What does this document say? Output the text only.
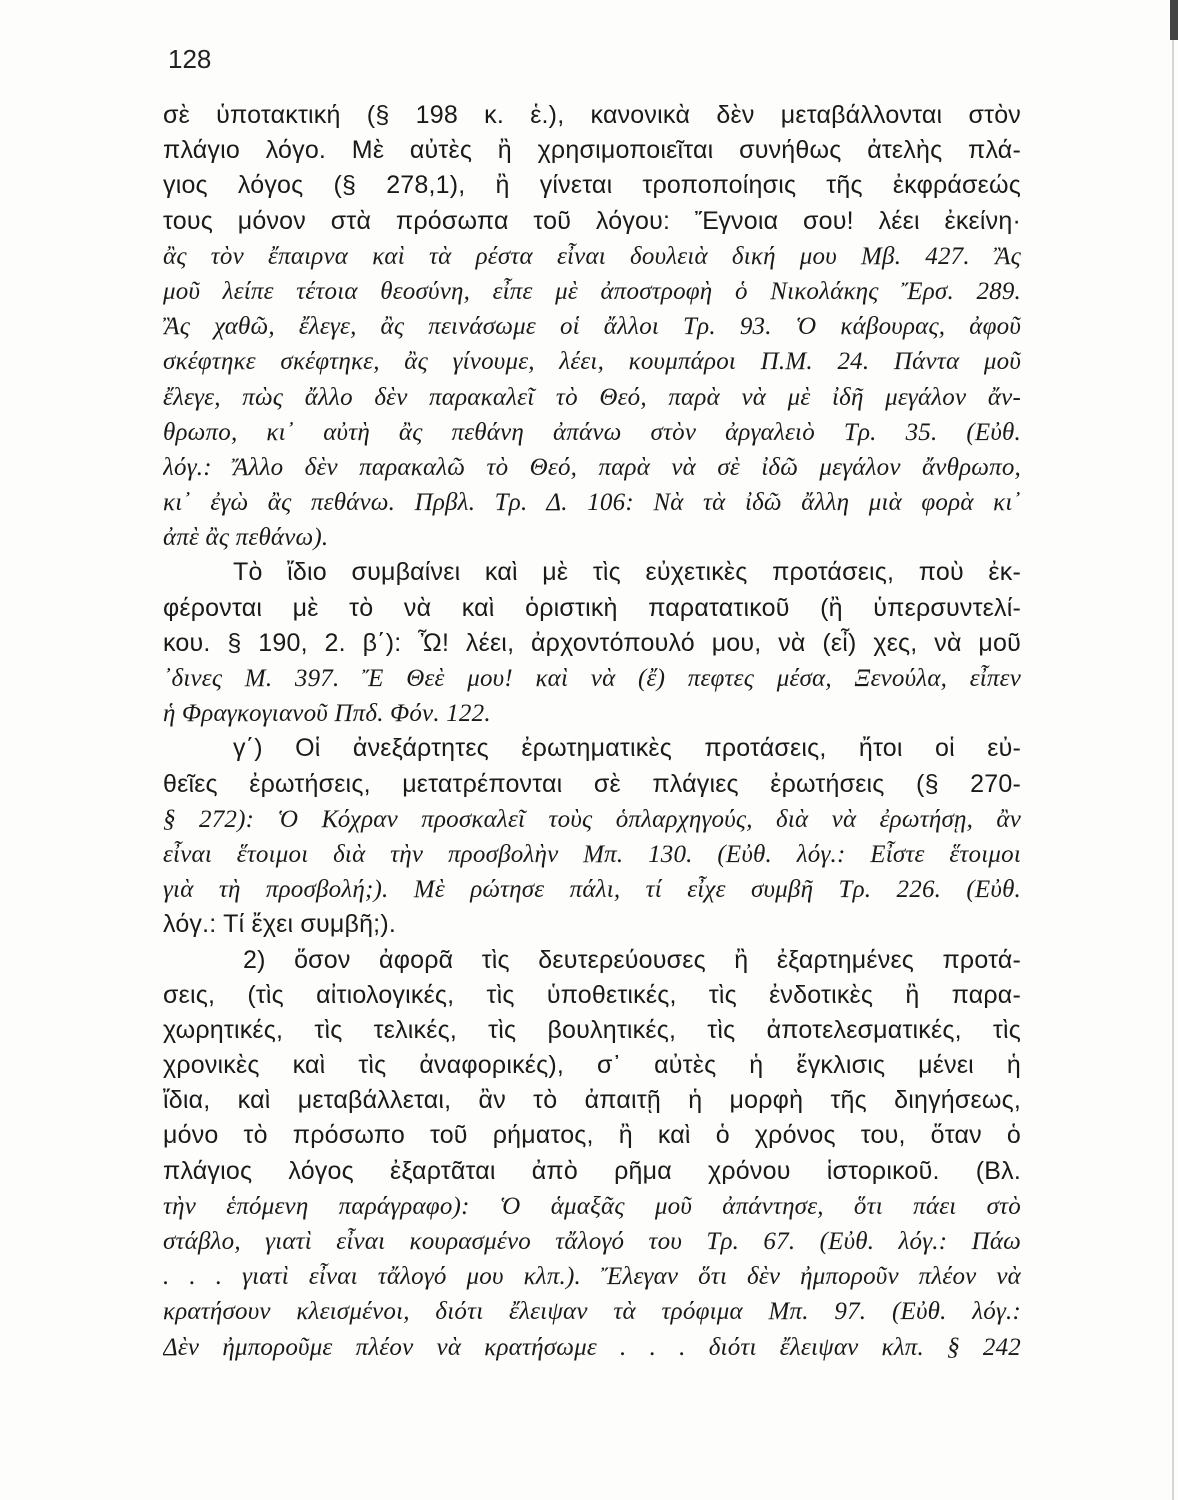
128
σὲ ὑποτακτική (§ 198 κ. ἑ.), κανονικὰ δὲν μεταβάλλονται στὸν
πλάγιο λόγο. Μὲ αὐτὲς ἢ χρησιμοποιεῖται συνήθως ἀτελὴς πλά-
γιος λόγος (§ 278,1), ἢ γίνεται τροποποίησις τῆς ἐκφράσεώς
τους μόνον στὰ πρόσωπα τοῦ λόγου: Ἔγνοια σου! λέει ἐκείνη·
ἂς τὸν ἔπαιρνα καὶ τὰ ρέστα εἶναι δουλειὰ δική μου Μβ. 427. Ἂς
μοῦ λείπε τέτοια θεοσύνη, εἶπε μὲ ἀποστροφὴ ὁ Νικολάκης Ἔρσ. 289.
Ἂς χαθῶ, ἔλεγε, ἂς πεινάσωμε οἱ ἄλλοι Τρ. 93. Ὁ κάβουρας, ἀφοῦ
σκέφτηκε σκέφτηκε, ἂς γίνουμε, λέει, κουμπάροι Π.Μ. 24. Πάντα μοῦ
ἔλεγε, πὼς ἄλλο δὲν παρακαλεῖ τὸ Θεό, παρὰ νὰ μὲ ἰδῆ μεγάλον ἄν-
θρωπο, κι᾿ αὐτὴ ἂς πεθάνη ἀπάνω στὸν ἀργαλειὸ Τρ. 35. (Εὐθ.
λόγ.: Ἄλλο δὲν παρακαλῶ τὸ Θεό, παρὰ νὰ σὲ ἰδῶ μεγάλον ἄνθρωπο,
κι᾿ ἐγὼ ἂς πεθάνω. Πρβλ. Τρ. Δ. 106: Νὰ τὰ ἰδῶ ἄλλη μιὰ φορὰ κι᾿
ἀπὲ ἂς πεθάνω).
Τὸ ἴδιο συμβαίνει καὶ μὲ τὶς εὐχετικὲς προτάσεις, ποὺ ἐκ-
φέρονται μὲ τὸ νὰ καὶ ὁριστικὴ παρατατικοῦ (ἢ ὑπερσυντελί-
κου. § 190, 2. β΄): Ὦ! λέει, ἀρχοντόπουλό μου, νὰ (εἶ) χες, νὰ μοῦ
᾿δινες Μ. 397. Ἔ Θεὲ μου! καὶ νὰ (ἔ) πεφτες μέσα, Ξενούλα, εἶπεν
ἡ Φραγκογιανοῦ Ππδ. Φόν. 122.
γ΄) Οἱ ἀνεξάρτητες ἐρωτηματικὲς προτάσεις, ἤτοι οἱ εὐ-
θεῖες ἐρωτήσεις, μετατρέπονται σὲ πλάγιες ἐρωτήσεις (§ 270-
§ 272): Ὁ Κόχραν προσκαλεῖ τοὺς ὁπλαρχηγούς, διὰ νὰ ἐρωτήσῃ, ἂν
εἶναι ἕτοιμοι διὰ τὴν προσβολὴν Μπ. 130. (Εὐθ. λόγ.: Εἶστε ἕτοιμοι
γιὰ τὴ προσβολή;). Μὲ ρώτησε πάλι, τί εἶχε συμβῆ Τρ. 226. (Εὐθ.
λόγ.: Τί ἔχει συμβῆ;).
2) ὅσον ἀφορᾶ τὶς δευτερεύουσες ἢ ἐξαρτημένες προτά-
σεις, (τὶς αἰτιολογικές, τὶς ὑποθετικές, τὶς ἐνδοτικὲς ἢ παρα-
χωρητικές, τὶς τελικές, τὶς βουλητικές, τὶς ἀποτελεσματικές, τὶς
χρονικὲς καὶ τὶς ἀναφορικές), σ᾿ αὐτὲς ἡ ἔγκλισις μένει ἡ
ἴδια, καὶ μεταβάλλεται, ἂν τὸ ἀπαιτῇ ἡ μορφὴ τῆς διηγήσεως,
μόνο τὸ πρόσωπο τοῦ ρήματος, ἢ καὶ ὁ χρόνος του, ὅταν ὁ
πλάγιος λόγος ἐξαρτᾶται ἀπὸ ρῆμα χρόνου ἱστορικοῦ. (Βλ.
τὴν ἑπόμενη παράγραφο): Ὁ ἁμαξᾶς μοῦ ἀπάντησε, ὅτι πάει στὸ
στάβλο, γιατὶ εἶναι κουρασμένο τἄλογό του Τρ. 67. (Εὐθ. λόγ.: Πάω
. . . γιατὶ εἶναι τἄλογό μου κλπ.). Ἔλεγαν ὅτι δὲν ἠμποροῦν πλέον νὰ
κρατήσουν κλεισμένοι, διότι ἔλειψαν τὰ τρόφιμα Μπ. 97. (Εὐθ. λόγ.:
Δὲν ἠμποροῦμε πλέον νὰ κρατήσωμε . . . διότι ἔλειψαν κλπ. § 242
